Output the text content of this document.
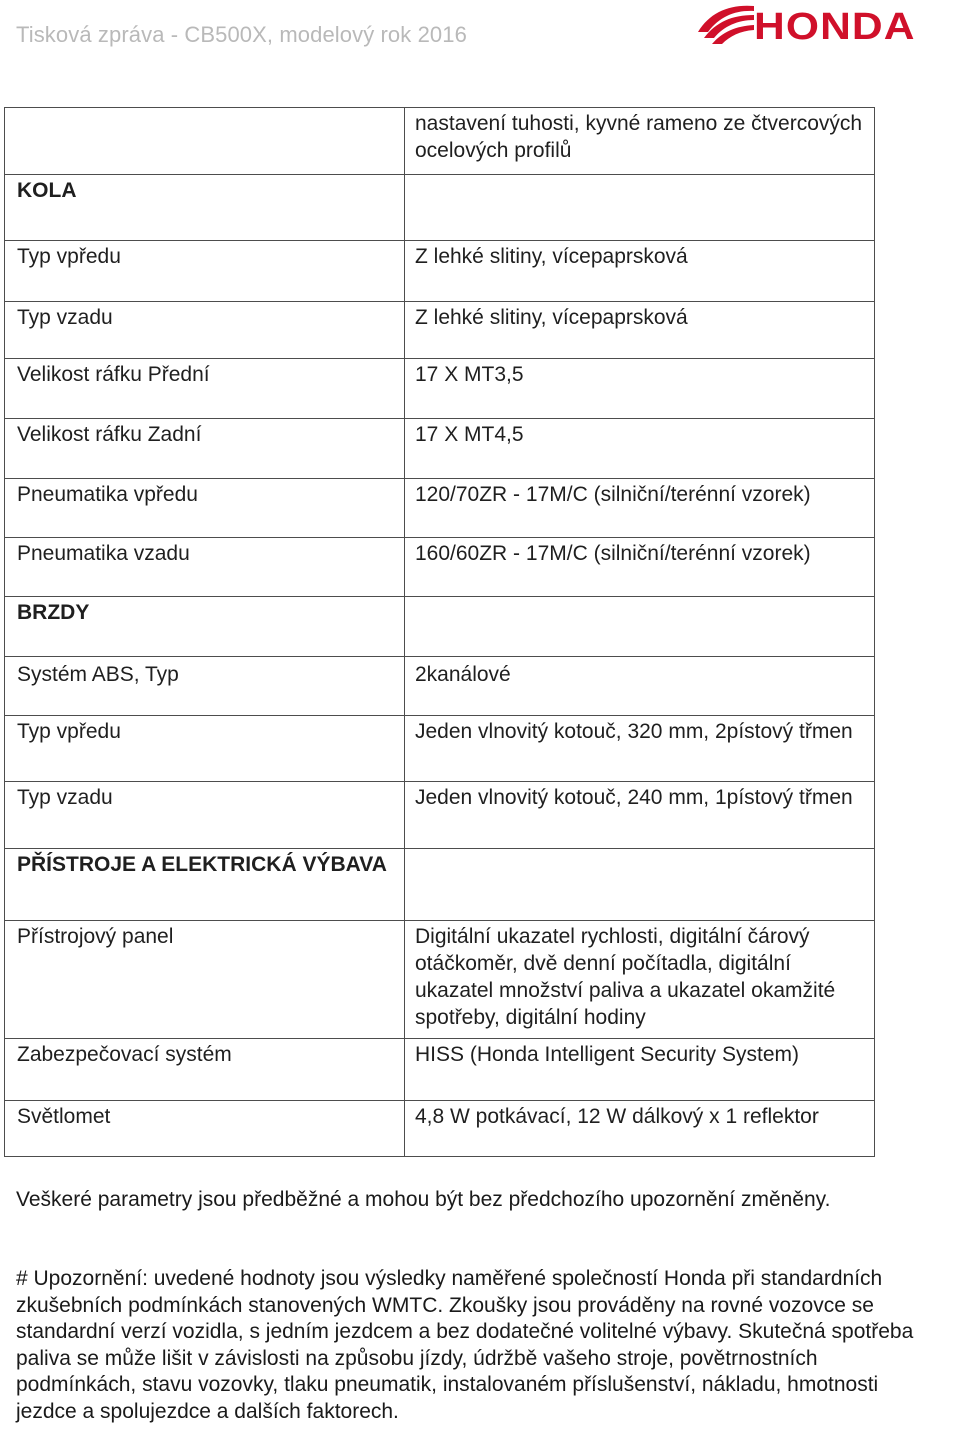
Tisková zpráva - CB500X, modelový rok 2016	HONDA
	nastavení tuhosti, kyvné rameno ze čtvercových ocelových profilů
KOLA	
Typ vpředu	Z lehké slitiny, vícepaprsková
Typ vzadu	Z lehké slitiny, vícepaprsková
Velikost ráfku Přední	17 X MT3,5
Velikost ráfku Zadní	17 X MT4,5
Pneumatika vpředu	120/70ZR - 17M/C (silniční/terénní vzorek)
Pneumatika vzadu	160/60ZR - 17M/C (silniční/terénní vzorek)
BRZDY	
Systém ABS, Typ	2kanálové
Typ vpředu	Jeden vlnovitý kotouč, 320 mm, 2pístový třmen
Typ vzadu	Jeden vlnovitý kotouč, 240 mm, 1pístový třmen
PŘÍSTROJE A ELEKTRICKÁ VÝBAVA	
Přístrojový panel	Digitální ukazatel rychlosti, digitální čárový otáčkoměr, dvě denní počítadla, digitální ukazatel množství paliva a ukazatel okamžité spotřeby, digitální hodiny
Zabezpečovací systém	HISS (Honda Intelligent Security System)
Světlomet	4,8 W potkávací, 12 W dálkový x 1 reflektor
Veškeré parametry jsou předběžné a mohou být bez předchozího upozornění změněny.
# Upozornění: uvedené hodnoty jsou výsledky naměřené společností Honda při standardních zkušebních podmínkách stanovených WMTC. Zkoušky jsou prováděny na rovné vozovce se standardní verzí vozidla, s jedním jezdcem a bez dodatečné volitelné výbavy. Skutečná spotřeba paliva se může lišit v závislosti na způsobu jízdy, údržbě vašeho stroje, povětrnostních podmínkách, stavu vozovky, tlaku pneumatik, instalovaném příslušenství, nákladu, hmotnosti jezdce a spolujezdce a dalších faktorech.
